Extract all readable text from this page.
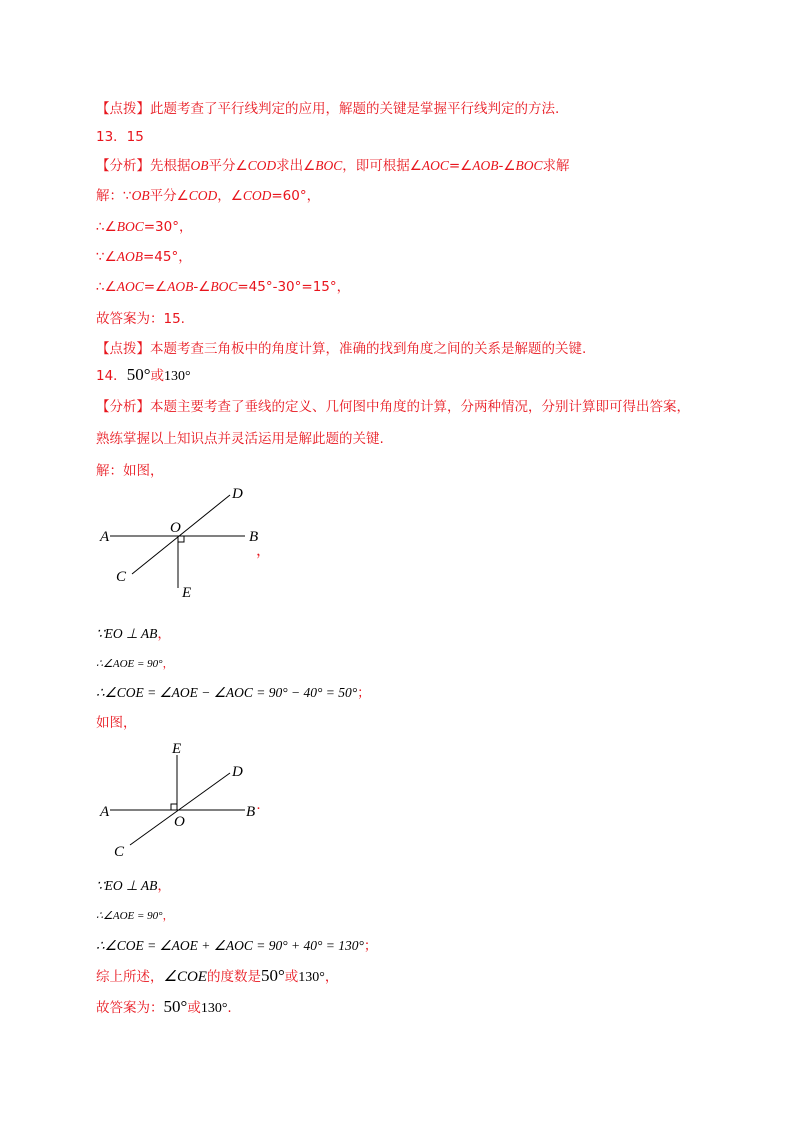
【点拨】此题考查了平行线判定的应用，解题的关键是掌握平行线判定的方法.
13．15
【分析】先根据OB平分∠COD求出∠BOC，即可根据∠AOC=∠AOB-∠BOC求解
解：∵OB平分∠COD，∠COD=60°，
∴∠BOC=30°，
∵∠AOB=45°，
∴∠AOC=∠AOB-∠BOC=45°-30°=15°，
故答案为：15.
【点拨】本题考查三角板中的角度计算，准确的找到角度之间的关系是解题的关键.
14．50°或130°
【分析】本题主要考查了垂线的定义、几何图中角度的计算，分两种情况，分别计算即可得出答案，
熟练掌握以上知识点并灵活运用是解此题的关键.
解：如图，
A	B
C
D
E
O
，
∵EO ⊥ AB，
∴∠AOE = 90°，
∴∠COE = ∠AOE − ∠AOC = 90° − 40° = 50°；
如图，
A	B
C
D
E
O
·
∵EO ⊥ AB，
∴∠AOE = 90°，
∴∠COE = ∠AOE + ∠AOC = 90° + 40° = 130°；
综上所述，∠COE的度数是50°或130°，
故答案为：50°或130°.
